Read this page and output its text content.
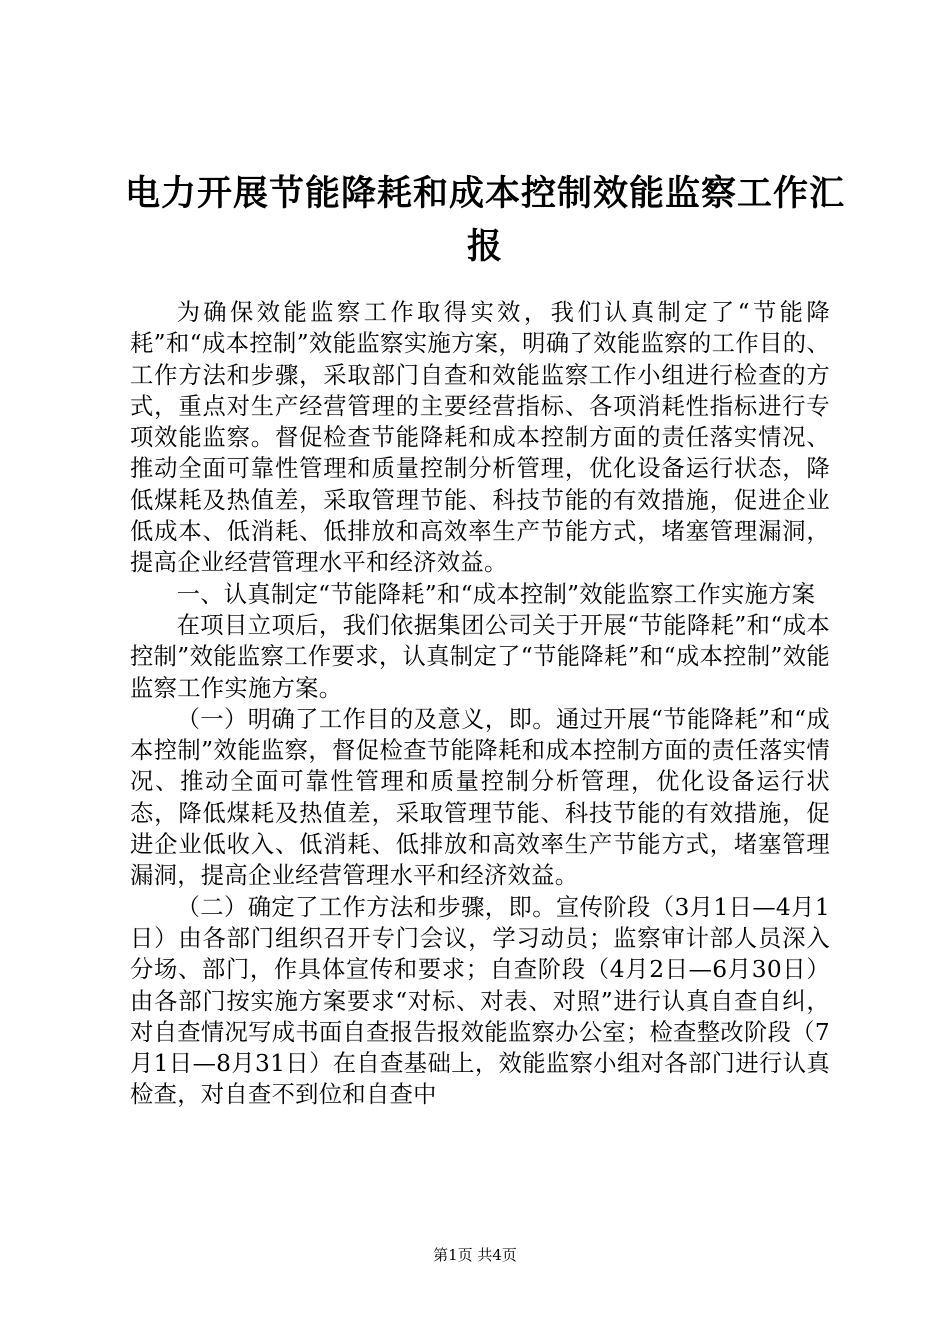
电力开展节能降耗和成本控制效能监察工作汇
报

为确保效能监察工作取得实效，我们认真制定了“节能降耗”和“成本控制”效能监察实施方案，明确了效能监察的工作目的、工作方法和步骤，采取部门自查和效能监察工作小组进行检查的方式，重点对生产经营管理的主要经营指标、各项消耗性指标进行专项效能监察。督促检查节能降耗和成本控制方面的责任落实情况、推动全面可靠性管理和质量控制分析管理，优化设备运行状态，降低煤耗及热值差，采取管理节能、科技节能的有效措施，促进企业低成本、低消耗、低排放和高效率生产节能方式，堵塞管理漏洞，提高企业经营管理水平和经济效益。

一、认真制定“节能降耗”和“成本控制”效能监察工作实施方案

在项目立项后，我们依据集团公司关于开展“节能降耗”和“成本控制”效能监察工作要求，认真制定了“节能降耗”和“成本控制”效能监察工作实施方案。

（一）明确了工作目的及意义，即。通过开展“节能降耗”和“成本控制”效能监察，督促检查节能降耗和成本控制方面的责任落实情况、推动全面可靠性管理和质量控制分析管理，优化设备运行状态，降低煤耗及热值差，采取管理节能、科技节能的有效措施，促进企业低收入、低消耗、低排放和高效率生产节能方式，堵塞管理漏洞，提高企业经营管理水平和经济效益。

（二）确定了工作方法和步骤，即。宣传阶段（3月1日—4月1日）由各部门组织召开专门会议，学习动员；监察审计部人员深入分场、部门，作具体宣传和要求；自查阶段（4月2日—6月30日）由各部门按实施方案要求“对标、对表、对照”进行认真自查自纠，对自查情况写成书面自查报告报效能监察办公室；检查整改阶段（7月1日—8月31日）在自查基础上，效能监察小组对各部门进行认真检查，对自查不到位和自查中

第1页 共4页
